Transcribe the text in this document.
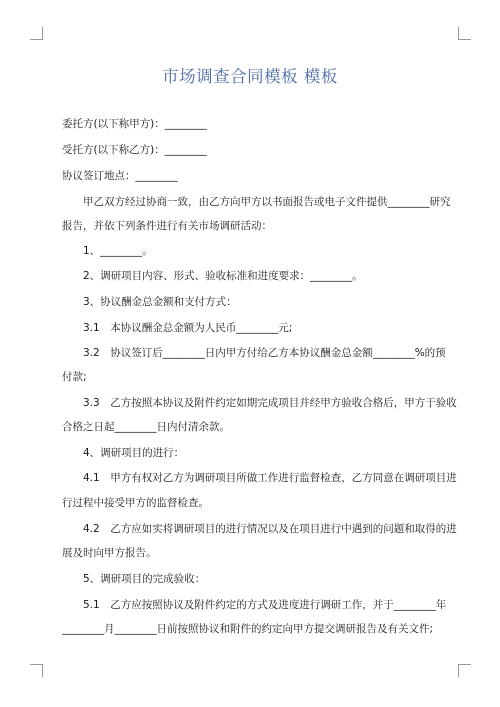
市场调查合同模板 模板
委托方(以下称甲方)：________
受托方(以下称乙方)：________
协议签订地点：________
　　甲乙双方经过协商一致，由乙方向甲方以书面报告或电子文件提供________研究
报告，并依下列条件进行有关市场调研活动：
　　1、________。
　　2、调研项目内容、形式、验收标准和进度要求：________。
　　3、协议酬金总金额和支付方式：
　　3.1　本协议酬金总金额为人民币________元;
　　3.2　协议签订后________日内甲方付给乙方本协议酬金总金额________%的预
付款;
　　3.3　乙方按照本协议及附件约定如期完成项目并经甲方验收合格后，甲方于验收
合格之日起________日内付清余款。
　　4、调研项目的进行：
　　4.1　甲方有权对乙方为调研项目所做工作进行监督检查，乙方同意在调研项目进
行过程中接受甲方的监督检查。
　　4.2　乙方应如实将调研项目的进行情况以及在项目进行中遇到的问题和取得的进
展及时向甲方报告。
　　5、调研项目的完成验收：
　　5.1　乙方应按照协议及附件约定的方式及进度进行调研工作，并于________年
________月________日前按照协议和附件的约定向甲方提交调研报告及有关文件;
